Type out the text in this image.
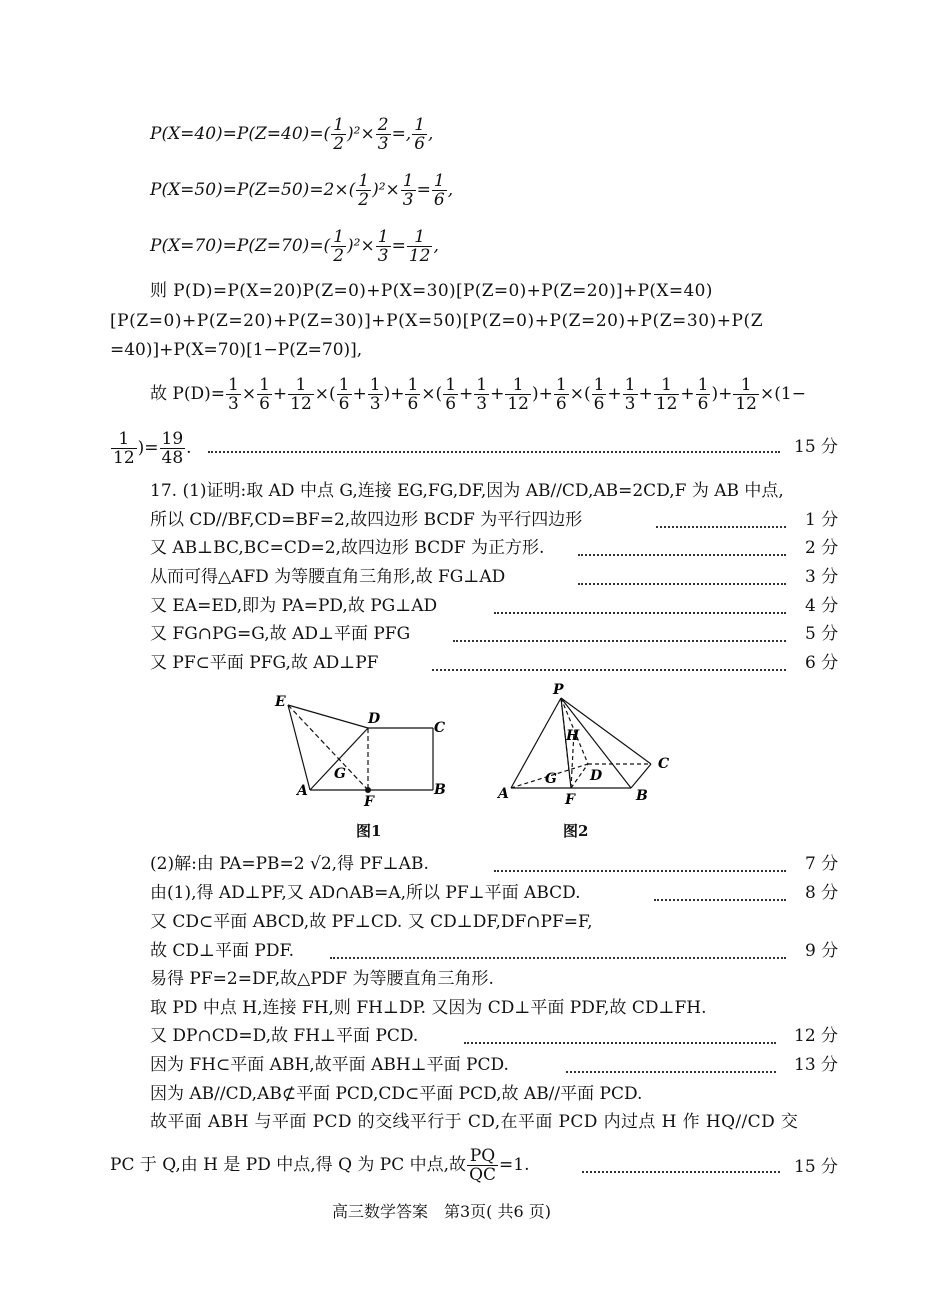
$P(X=40)=P(Z=40)=( \frac{1}{2} )^2\times \frac{2}{3}$ =, $\frac{1}{6}$ ,
$P(X=50)=P(Z=50)=2\times( \frac{1}{2} )^2\times \frac{1}{3} = \frac{1}{6}$ ,
$P(X=70)=P(Z=70)=( \frac{1}{2} )^2\times \frac{1}{3} = \frac{1}{12}$ ,
则 P(D)=P(X=20)P(Z=0)+P(X=30)[P(Z=0)+P(Z=20)]+P(X=40)
[P(Z=0)+P(Z=20)+P(Z=30)]+P(X=50)[P(Z=0)+P(Z=20)+P(Z=30)+P(Z
=40)]+P(X=70)[1−P(Z=70)],
故 $P(D)= \frac{1}{3} \times \frac{1}{6} + \frac{1}{12}$ ×( $\frac{1}{6} + \frac{1}{3}$ )+ $\frac{1}{6}$ ×( $\frac{1}{6} + \frac{1}{3} + \frac{1}{12}$ )+ $\frac{1}{6}$ ×( $\frac{1}{6} + \frac{1}{3} + \frac{1}{12} + \frac{1}{6}$ )+ $\frac{1}{12} \times(1-$
$\frac{1}{12}$ )= $\frac{19}{48}$ .	15 分
17. (1)证明:取 AD 中点 G,连接 EG,FG,DF,因为 AB//CD,AB=2CD,F 为 AB 中点,
所以 CD//BF,CD=BF=2,故四边形 BCDF 为平行四边形	1 分
又 AB⊥BC,BC=CD=2,故四边形 BCDF 为正方形.	2 分
从而可得△AFD 为等腰直角三角形,故 FG⊥AD	3 分
又 EA=ED,即为 PA=PD,故 PG⊥AD	4 分
又 FG∩PG=G,故 AD⊥平面 PFG	5 分
又 PF⊂平面 PFG,故 AD⊥PF	6 分
E
D
C
G
A
F
B
图1
P
H
G D
C
A	F	B
图2
(2)解:由 PA=PB=2 √2,得 PF⊥AB.	7 分
由(1),得 AD⊥PF,又 AD∩AB=A,所以 PF⊥平面 ABCD.	8 分
又 CD⊂平面 ABCD,故 PF⊥CD. 又 CD⊥DF,DF∩PF=F,
故 CD⊥平面 PDF.	9 分
易得 PF=2=DF,故△PDF 为等腰直角三角形.
取 PD 中点 H,连接 FH,则 FH⊥DP. 又因为 CD⊥平面 PDF,故 CD⊥FH.
又 DP∩CD=D,故 FH⊥平面 PCD.	12 分
因为 FH⊂平面 ABH,故平面 ABH⊥平面 PCD.	13 分
因为 AB//CD,AB⊄平面 PCD,CD⊂平面 PCD,故 AB//平面 PCD.
故平面 ABH 与平面 PCD 的交线平行于 CD,在平面 PCD 内过点 H 作 HQ//CD 交
PC 于 Q,由 H 是 PD 中点,得 Q 为 PC 中点,故 $\frac{PQ}{QC} =1$.	15 分
高三数学答案　第3页( 共6 页)
